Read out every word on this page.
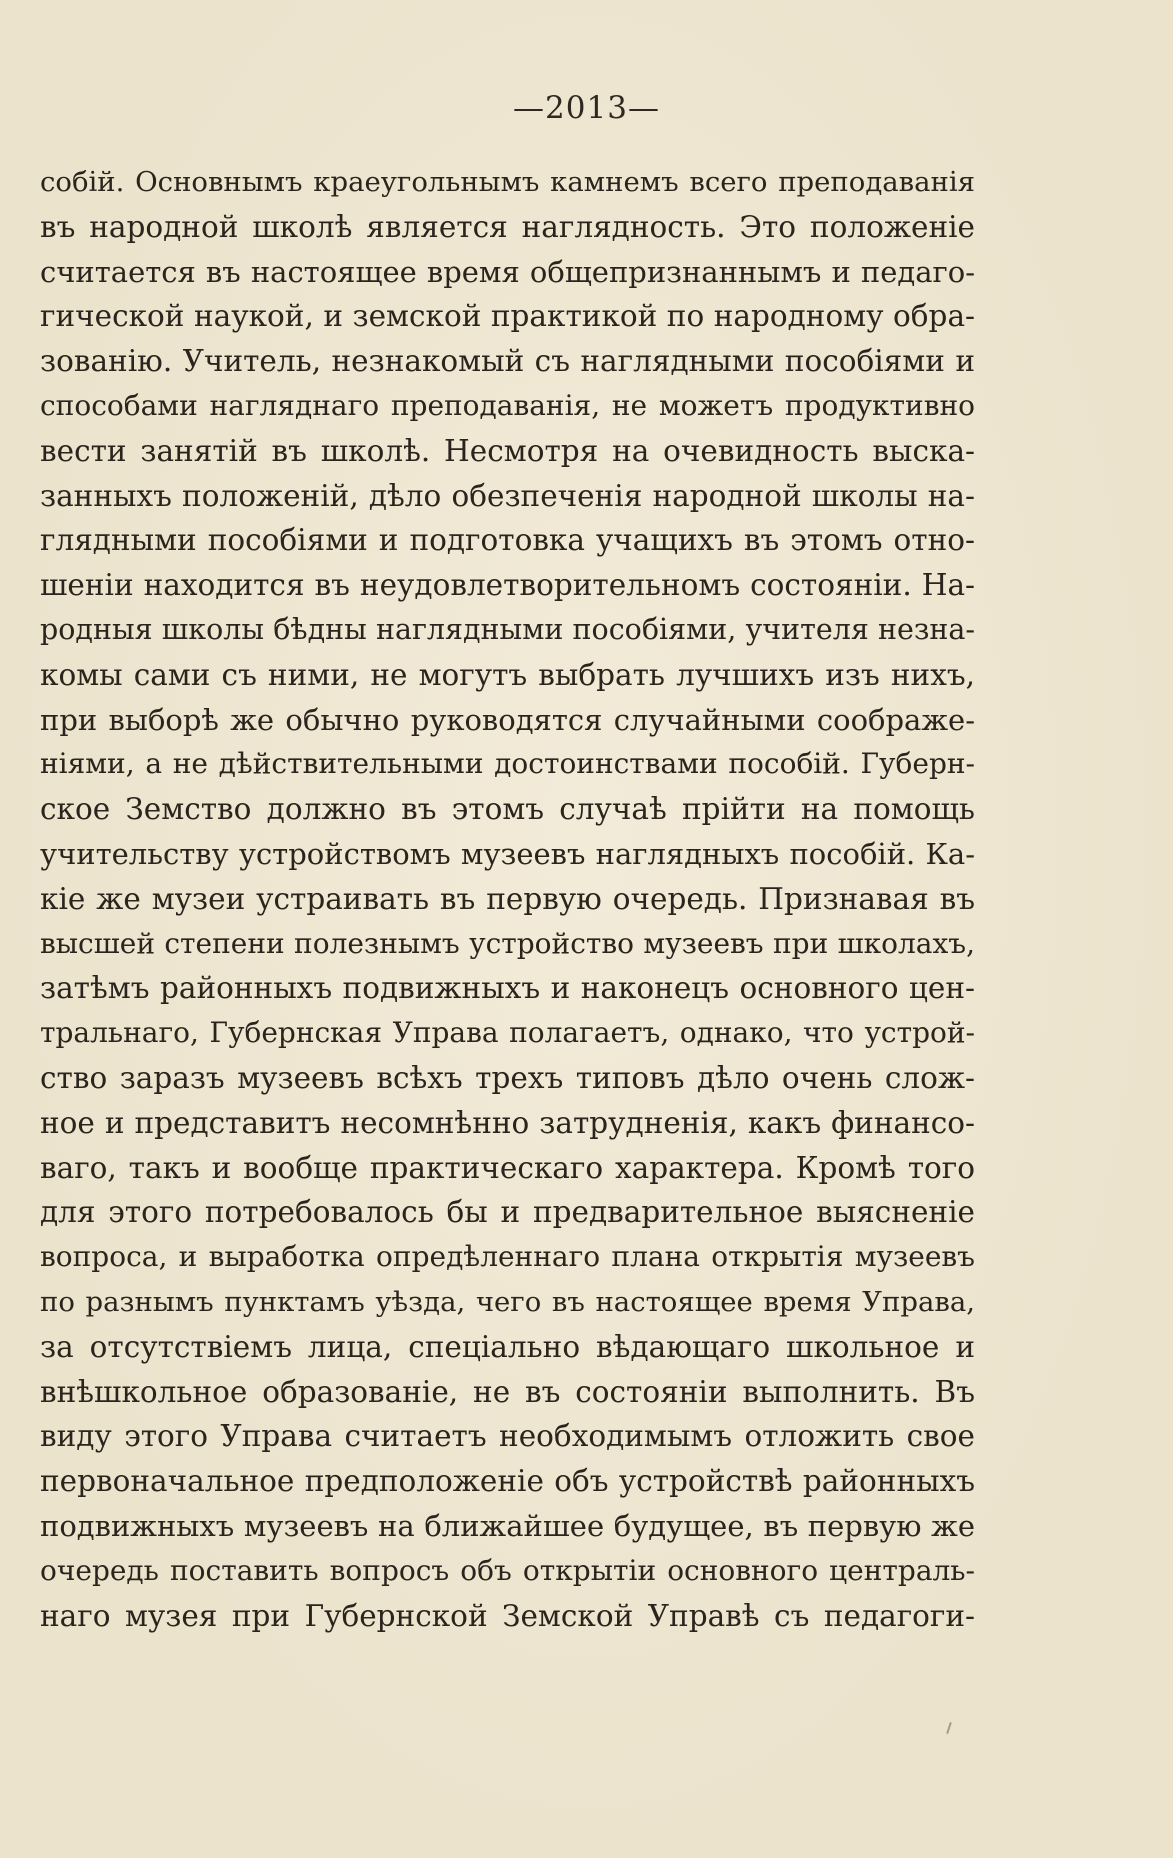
—2013—
собій. Основнымъ краеугольнымъ камнемъ всего преподаванія
въ народной школѣ является наглядность. Это положеніе
считается въ настоящее время общепризнаннымъ и педаго-
гической наукой, и земской практикой по народному обра-
зованію. Учитель, незнакомый съ наглядными пособіями и
способами нагляднаго преподаванія, не можетъ продуктивно
вести занятій въ школѣ. Несмотря на очевидность выска-
занныхъ положеній, дѣло обезпеченія народной школы на-
глядными пособіями и подготовка учащихъ въ этомъ отно-
шеніи находится въ неудовлетворительномъ состояніи. На-
родныя школы бѣдны наглядными пособіями, учителя незна-
комы сами съ ними, не могутъ выбрать лучшихъ изъ нихъ,
при выборѣ же обычно руководятся случайными соображе-
ніями, а не дѣйствительными достоинствами пособій. Губерн-
ское Земство должно въ этомъ случаѣ прійти на помощь
учительству устройствомъ музеевъ наглядныхъ пособій. Ка-
кіе же музеи устраивать въ первую очередь. Признавая въ
высшей степени полезнымъ устройство музеевъ при школахъ,
затѣмъ районныхъ подвижныхъ и наконецъ основного цен-
тральнаго, Губернская Управа полагаетъ, однако, что устрой-
ство заразъ музеевъ всѣхъ трехъ типовъ дѣло очень слож-
ное и представитъ несомнѣнно затрудненія, какъ финансо-
ваго, такъ и вообще практическаго характера. Кромѣ того
для этого потребовалось бы и предварительное выясненіе
вопроса, и выработка опредѣленнаго плана открытія музеевъ
по разнымъ пунктамъ уѣзда, чего въ настоящее время Управа,
за отсутствіемъ лица, спеціально вѣдающаго школьное и
внѣшкольное образованіе, не въ состояніи выполнить. Въ
виду этого Управа считаетъ необходимымъ отложить свое
первоначальное предположеніе объ устройствѣ районныхъ
подвижныхъ музеевъ на ближайшее будущее, въ первую же
очередь поставить вопросъ объ открытіи основного централь-
наго музея при Губернской Земской Управѣ съ педагоги-
